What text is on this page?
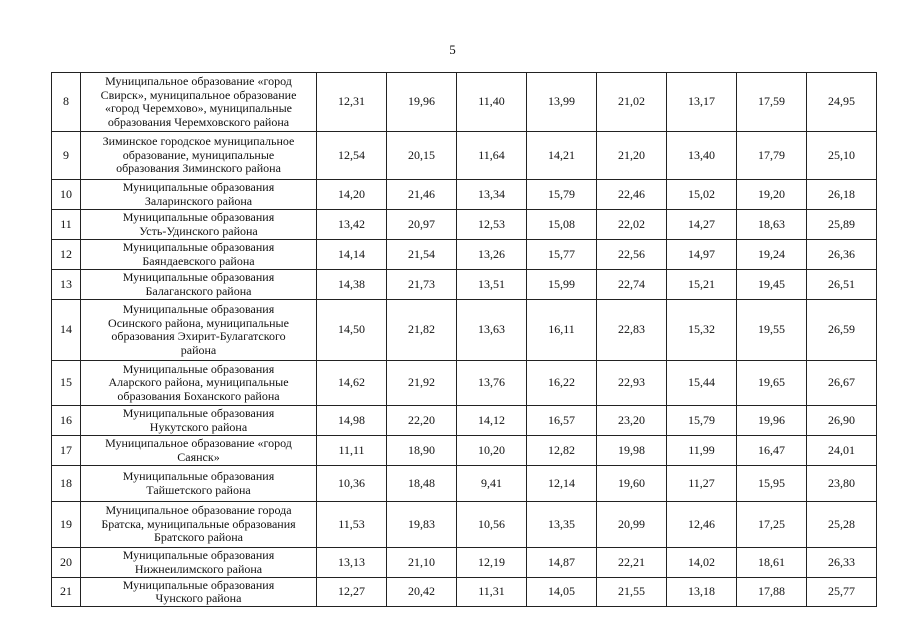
5
8	Муниципальное образование «город
Свирск», муниципальное образование
«город Черемхово», муниципальные
образования Черемховского района	12,31	19,96	11,40	13,99	21,02	13,17	17,59	24,95
9	Зиминское городское муниципальное
образование, муниципальные
образования Зиминского района	12,54	20,15	11,64	14,21	21,20	13,40	17,79	25,10
10	Муниципальные образования
Заларинского района	14,20	21,46	13,34	15,79	22,46	15,02	19,20	26,18
11	Муниципальные образования
Усть-Удинского района	13,42	20,97	12,53	15,08	22,02	14,27	18,63	25,89
12	Муниципальные образования
Баяндаевского района	14,14	21,54	13,26	15,77	22,56	14,97	19,24	26,36
13	Муниципальные образования
Балаганского района	14,38	21,73	13,51	15,99	22,74	15,21	19,45	26,51
14	Муниципальные образования
Осинского района, муниципальные
образования Эхирит-Булагатского
района	14,50	21,82	13,63	16,11	22,83	15,32	19,55	26,59
15	Муниципальные образования
Аларского района, муниципальные
образования Боханского района	14,62	21,92	13,76	16,22	22,93	15,44	19,65	26,67
16	Муниципальные образования
Нукутского района	14,98	22,20	14,12	16,57	23,20	15,79	19,96	26,90
17	Муниципальное образование «город
Саянск»	11,11	18,90	10,20	12,82	19,98	11,99	16,47	24,01
18	Муниципальные образования
Тайшетского района	10,36	18,48	9,41	12,14	19,60	11,27	15,95	23,80
19	Муниципальное образование города
Братска, муниципальные образования
Братского района	11,53	19,83	10,56	13,35	20,99	12,46	17,25	25,28
20	Муниципальные образования
Нижнеилимского района	13,13	21,10	12,19	14,87	22,21	14,02	18,61	26,33
21	Муниципальные образования
Чунского района	12,27	20,42	11,31	14,05	21,55	13,18	17,88	25,77
